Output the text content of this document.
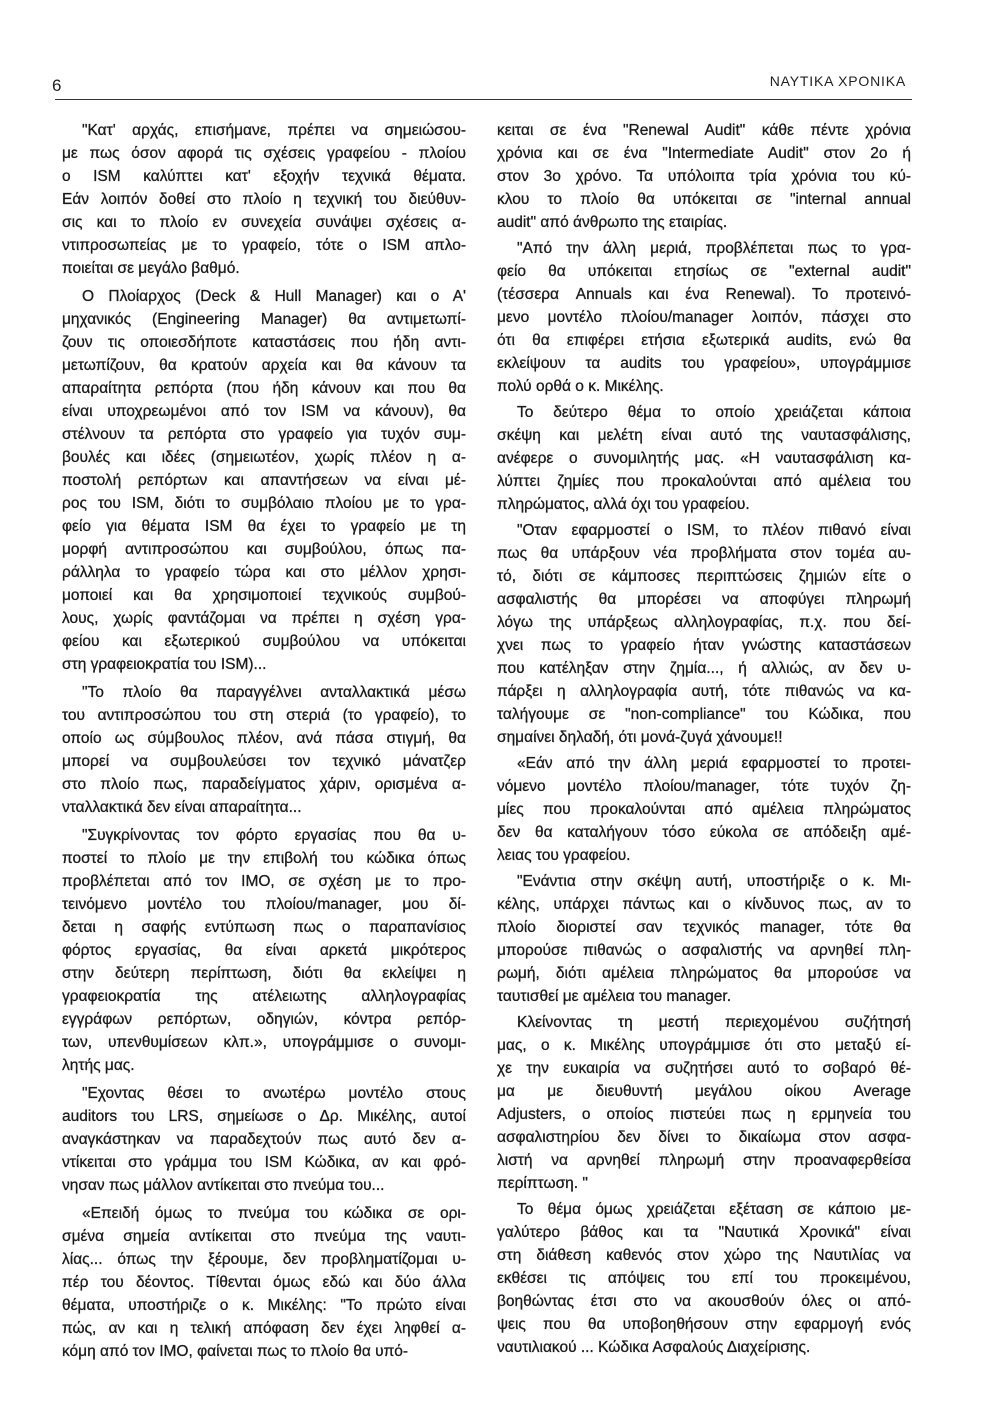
6	ΝΑΥΤΙΚΑ ΧΡΟΝΙΚΑ
"Κατ' αρχάς, επισήμανε, πρέπει να σημειώσου-
με πως όσον αφορά τις σχέσεις γραφείου - πλοίου
ο ISM καλύπτει κατ' εξοχήν τεχνικά θέματα.
Εάν λοιπόν δοθεί στο πλοίο η τεχνική του διεύθυν-
σις και το πλοίο εν συνεχεία συνάψει σχέσεις α-
ντιπροσωπείας με το γραφείο, τότε ο ISM απλο-
ποιείται σε μεγάλο βαθμό.
Ο Πλοίαρχος (Deck & Hull Manager) και ο Α'
μηχανικός (Engineering Manager) θα αντιμετωπί-
ζουν τις οποιεσδήποτε καταστάσεις που ήδη αντι-
μετωπίζουν, θα κρατούν αρχεία και θα κάνουν τα
απαραίτητα ρεπόρτα (που ήδη κάνουν και που θα
είναι υποχρεωμένοι από τον ISM να κάνουν), θα
στέλνουν τα ρεπόρτα στο γραφείο για τυχόν συμ-
βουλές και ιδέες (σημειωτέον, χωρίς πλέον η α-
ποστολή ρεπόρτων και απαντήσεων να είναι μέ-
ρος του ISM, διότι το συμβόλαιο πλοίου με το γρα-
φείο για θέματα ISM θα έχει το γραφείο με τη
μορφή αντιπροσώπου και συμβούλου, όπως πα-
ράλληλα το γραφείο τώρα και στο μέλλον χρησι-
μοποιεί και θα χρησιμοποιεί τεχνικούς συμβού-
λους, χωρίς φαντάζομαι να πρέπει η σχέση γρα-
φείου και εξωτερικού συμβούλου να υπόκειται
στη γραφειοκρατία του ISM)...
"Το πλοίο θα παραγγέλνει ανταλλακτικά μέσω
του αντιπροσώπου του στη στεριά (το γραφείο), το
οποίο ως σύμβουλος πλέον, ανά πάσα στιγμή, θα
μπορεί να συμβουλεύσει τον τεχνικό μάνατζερ
στο πλοίο πως, παραδείγματος χάριν, ορισμένα α-
νταλλακτικά δεν είναι απαραίτητα...
"Συγκρίνοντας τον φόρτο εργασίας που θα υ-
ποστεί το πλοίο με την επιβολή του κώδικα όπως
προβλέπεται από τον IMO, σε σχέση με το προ-
τεινόμενο μοντέλο του πλοίου/manager, μου δί-
δεται η σαφής εντύπωση πως ο παραπανίσιος
φόρτος εργασίας, θα είναι αρκετά μικρότερος
στην δεύτερη περίπτωση, διότι θα εκλείψει η
γραφειοκρατία της ατέλειωτης αλληλογραφίας
εγγράφων ρεπόρτων, οδηγιών, κόντρα ρεπόρ-
των, υπενθυμίσεων κλπ.», υπογράμμισε ο συνομι-
λητής μας.
"Εχοντας θέσει το ανωτέρω μοντέλο στους
auditors του LRS, σημείωσε ο Δρ. Μικέλης, αυτοί
αναγκάστηκαν να παραδεχτούν πως αυτό δεν α-
ντίκειται στο γράμμα του ISM Κώδικα, αν και φρό-
νησαν πως μάλλον αντίκειται στο πνεύμα του...
«Επειδή όμως το πνεύμα του κώδικα σε ορι-
σμένα σημεία αντίκειται στο πνεύμα της ναυτι-
λίας... όπως την ξέρουμε, δεν προβληματίζομαι υ-
πέρ του δέοντος. Τίθενται όμως εδώ και δύο άλλα
θέματα, υποστήριζε ο κ. Μικέλης: "Το πρώτο είναι
πώς, αν και η τελική απόφαση δεν έχει ληφθεί α-
κόμη από τον IMO, φαίνεται πως το πλοίο θα υπό-
κειται σε ένα "Renewal Audit" κάθε πέντε χρόνια
χρόνια και σε ένα "Intermediate Audit" στον 2ο ή
στον 3ο χρόνο. Τα υπόλοιπα τρία χρόνια του κύ-
κλου το πλοίο θα υπόκειται σε "internal annual
audit" από άνθρωπο της εταιρίας.
"Από την άλλη μεριά, προβλέπεται πως το γρα-
φείο θα υπόκειται ετησίως σε "external audit"
(τέσσερα Annuals και ένα Renewal). Το προτεινό-
μενο μοντέλο πλοίου/manager λοιπόν, πάσχει στο
ότι θα επιφέρει ετήσια εξωτερικά audits, ενώ θα
εκλείψουν τα audits του γραφείου», υπογράμμισε
πολύ ορθά ο κ. Μικέλης.
Το δεύτερο θέμα το οποίο χρειάζεται κάποια
σκέψη και μελέτη είναι αυτό της ναυτασφάλισης,
ανέφερε ο συνομιλητής μας. «Η ναυτασφάλιση κα-
λύπτει ζημίες που προκαλούνται από αμέλεια του
πληρώματος, αλλά όχι του γραφείου.
"Οταν εφαρμοστεί ο ISM, το πλέον πιθανό είναι
πως θα υπάρξουν νέα προβλήματα στον τομέα αυ-
τό, διότι σε κάμποσες περιπτώσεις ζημιών είτε ο
ασφαλιστής θα μπορέσει να αποφύγει πληρωμή
λόγω της υπάρξεως αλληλογραφίας, π.χ. που δεί-
χνει πως το γραφείο ήταν γνώστης καταστάσεων
που κατέληξαν στην ζημία..., ή αλλιώς, αν δεν υ-
πάρξει η αλληλογραφία αυτή, τότε πιθανώς να κα-
ταλήγουμε σε "non-compliance" του Κώδικα, που
σημαίνει δηλαδή, ότι μονά-ζυγά χάνουμε!!
«Εάν από την άλλη μεριά εφαρμοστεί το προτει-
νόμενο μοντέλο πλοίου/manager, τότε τυχόν ζη-
μίες που προκαλούνται από αμέλεια πληρώματος
δεν θα καταλήγουν τόσο εύκολα σε απόδειξη αμέ-
λειας του γραφείου.
"Ενάντια στην σκέψη αυτή, υποστήριξε ο κ. Μι-
κέλης, υπάρχει πάντως και ο κίνδυνος πως, αν το
πλοίο διοριστεί σαν τεχνικός manager, τότε θα
μπορούσε πιθανώς ο ασφαλιστής να αρνηθεί πλη-
ρωμή, διότι αμέλεια πληρώματος θα μπορούσε να
ταυτισθεί με αμέλεια του manager.
Κλείνοντας τη μεστή περιεχομένου συζήτησή
μας, ο κ. Μικέλης υπογράμμισε ότι στο μεταξύ εί-
χε την ευκαιρία να συζητήσει αυτό το σοβαρό θέ-
μα με διευθυντή μεγάλου οίκου Average
Adjusters, ο οποίος πιστεύει πως η ερμηνεία του
ασφαλιστηρίου δεν δίνει το δικαίωμα στον ασφα-
λιστή να αρνηθεί πληρωμή στην προαναφερθείσα
περίπτωση. "
Το θέμα όμως χρειάζεται εξέταση σε κάποιο με-
γαλύτερο βάθος και τα "Ναυτικά Χρονικά" είναι
στη διάθεση καθενός στον χώρο της Ναυτιλίας να
εκθέσει τις απόψεις του επί του προκειμένου,
βοηθώντας έτσι στο να ακουσθούν όλες οι από-
ψεις που θα υποβοηθήσουν στην εφαρμογή ενός
ναυτιλιακού ... Κώδικα Ασφαλούς Διαχείρισης.
